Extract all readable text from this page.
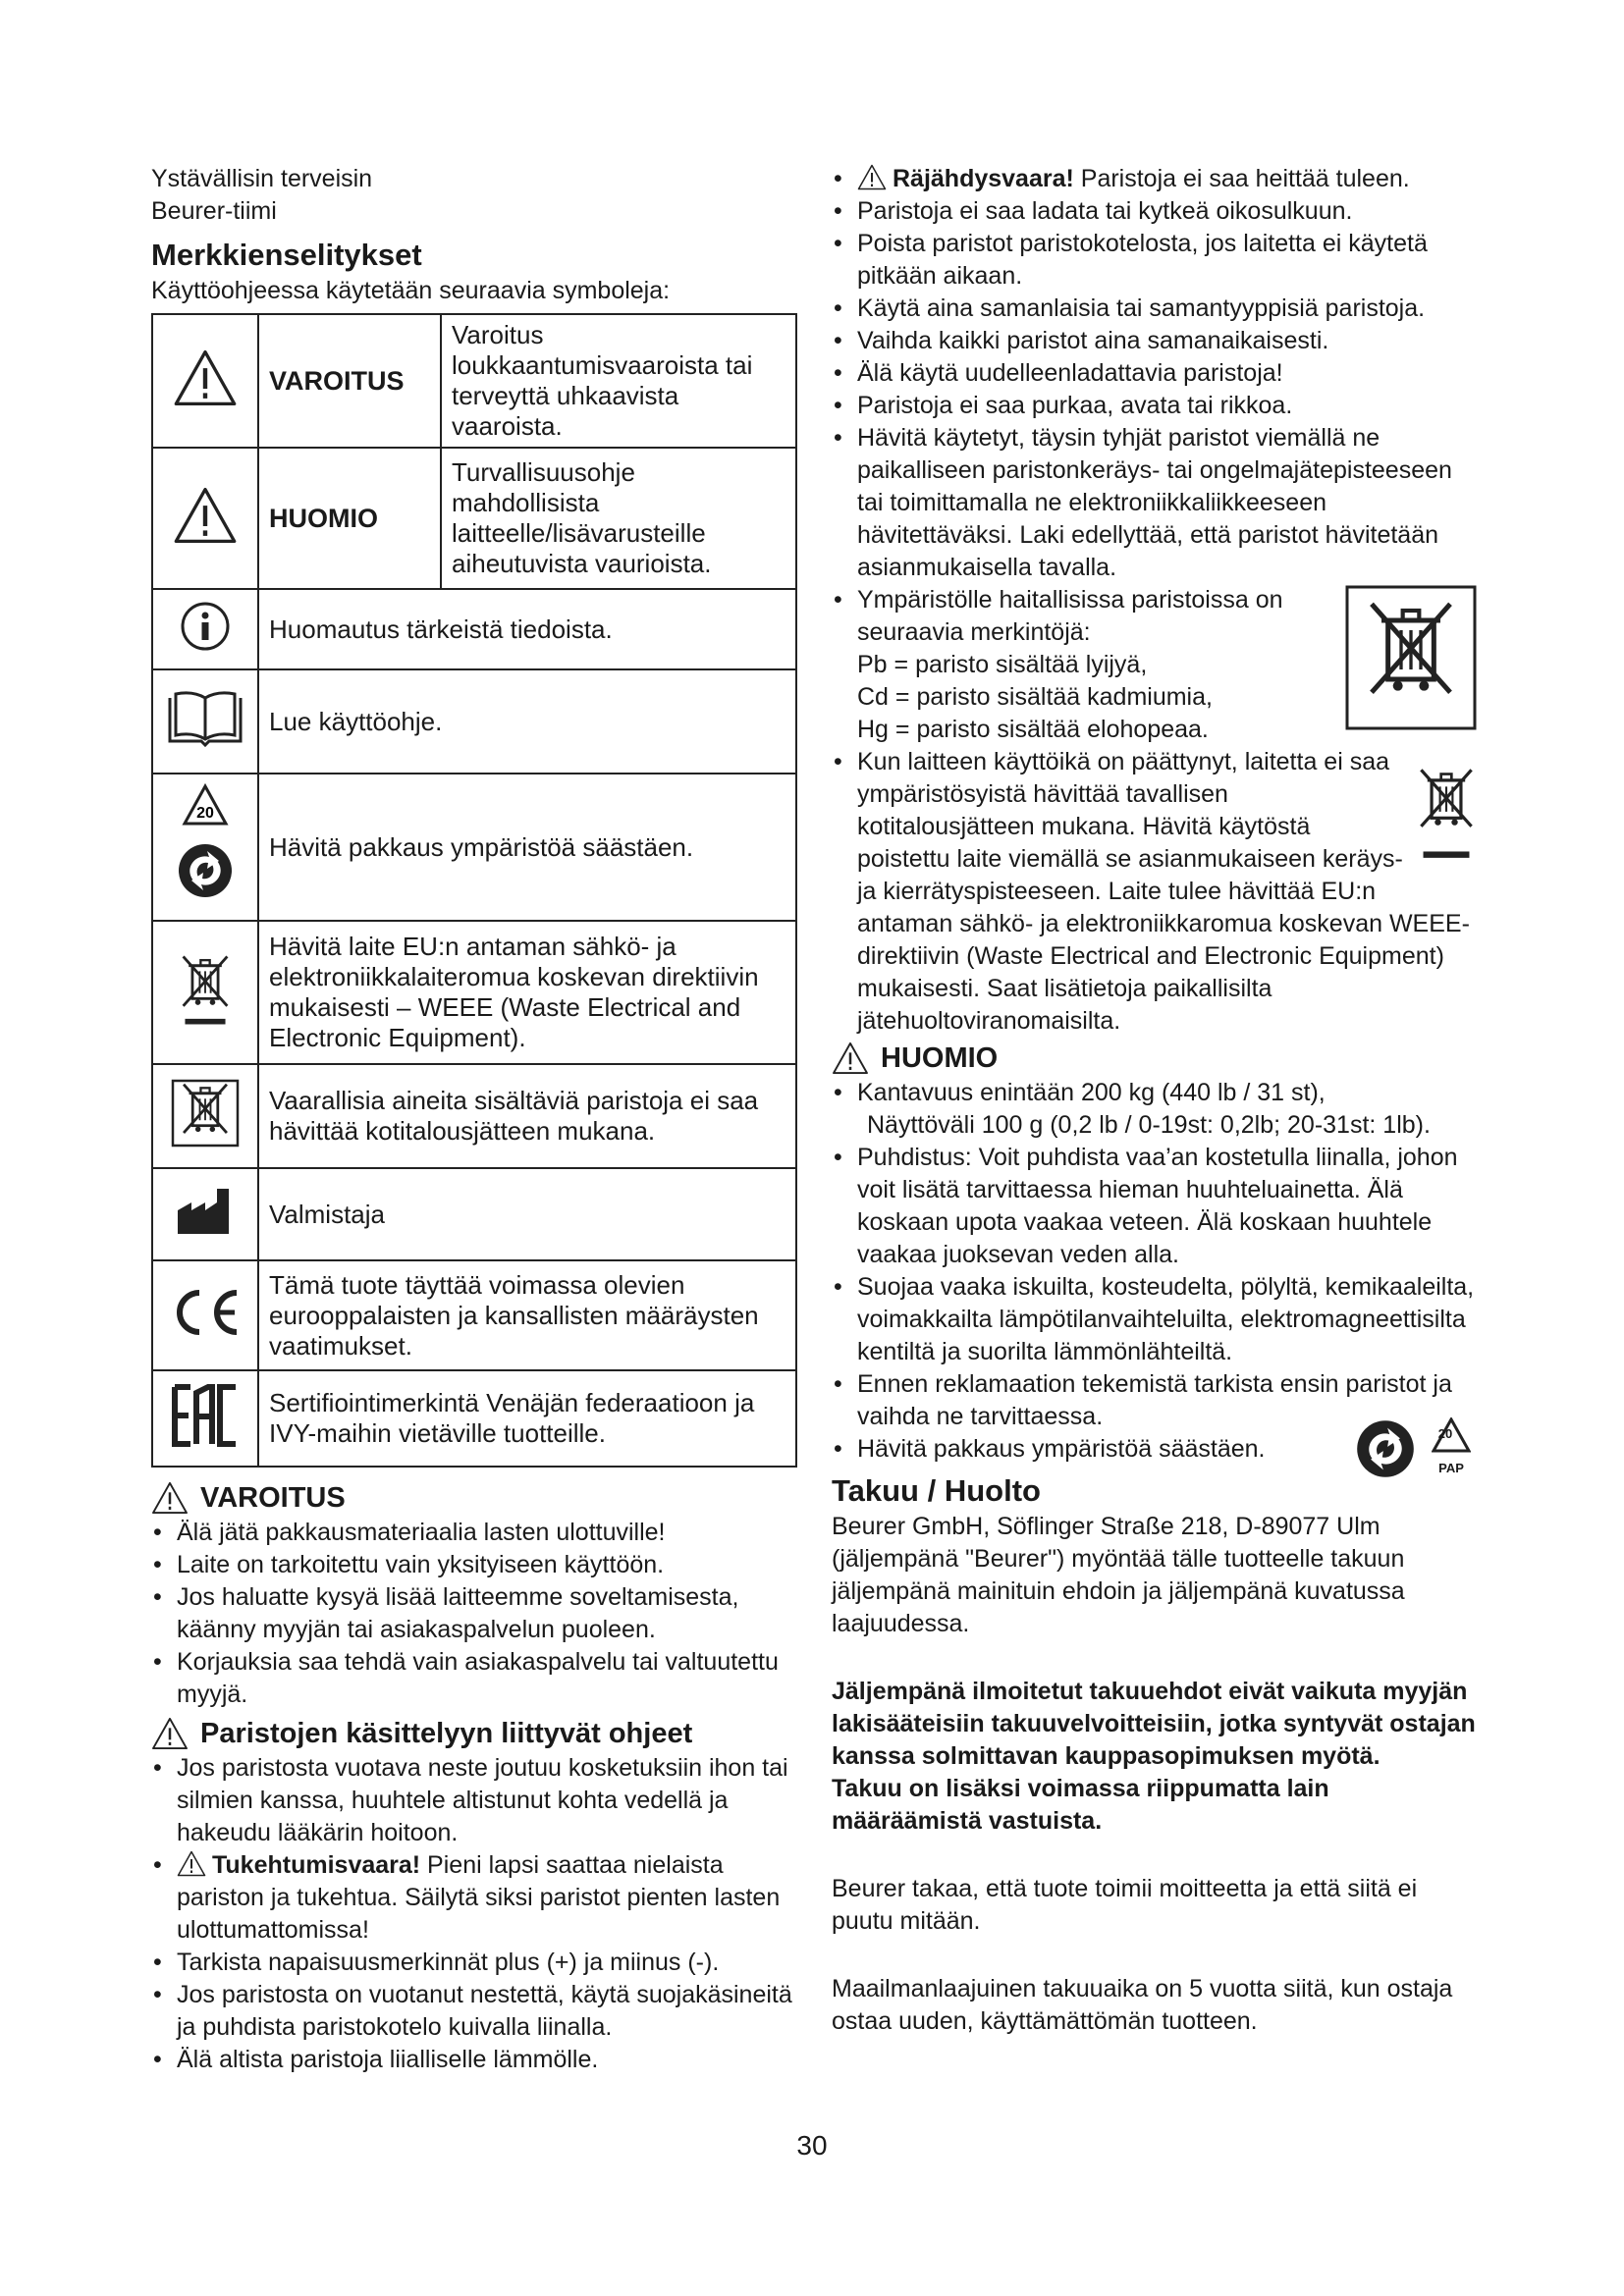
Ystävällisin terveisin

Beurer-tiimi

Merkkienselitykset

Käyttöohjeessa käytetään seuraavia symboleja:

	VAROITUS	Varoitus loukkaantumisvaaroista tai terveyttä uhkaavista vaaroista.
	HUOMIO	Turvallisuusohje mahdollisista laitteelle/lisävarusteille aiheutuvista vaurioista.
	Huomautus tärkeistä tiedoista.	
	Lue käyttöohje.	

20	Hävitä pakkaus ympäristöä säästäen.	
	Hävitä laite EU:n antaman sähkö- ja elektroniikkalaiteromua koskevan direktiivin mukaisesti – WEEE (Waste Electrical and Electronic Equipment).	
	Vaarallisia aineita sisältäviä paristoja ei saa hävittää kotitalousjätteen mukana.	
	Valmistaja	
	Tämä tuote täyttää voimassa olevien eurooppalaisten ja kansallisten määräysten vaatimukset.	
	Sertifiointimerkintä Venäjän federaatioon ja IVY-maihin vietäville tuotteille.	
VAROITUS
• Älä jätä pakkausmateriaalia lasten ulottuville!
• Laite on tarkoitettu vain yksityiseen käyttöön.
• Jos haluatte kysyä lisää laitteemme soveltamisesta, käänny myyjän tai asiakaspalvelun puoleen.
• Korjauksia saa tehdä vain asiakaspalvelu tai valtuutettu myyjä.
Paristojen käsittelyyn liittyvät ohjeet
• Jos paristosta vuotava neste joutuu kosketuksiin ihon tai silmien kanssa, huuhtele altistunut kohta vedellä ja hakeudu lääkärin hoitoon.
• Tukehtumisvaara! Pieni lapsi saattaa nielaista pariston ja tukehtua. Säilytä siksi paristot pienten lasten ulottumattomissa!
• Tarkista napaisuusmerkinnät plus (+) ja miinus (-).
• Jos paristosta on vuotanut nestettä, käytä suojakäsineitä ja puhdista paristokotelo kuivalla liinalla.
• Älä altista paristoja liialliselle lämmölle.
• Räjähdysvaara! Paristoja ei saa heittää tuleen.
• Paristoja ei saa ladata tai kytkeä oikosulkuun.
• Poista paristot paristokotelosta, jos laitetta ei käytetä pitkään aikaan.
• Käytä aina samanlaisia tai samantyyppisiä paristoja.
• Vaihda kaikki paristot aina samanaikaisesti.
• Älä käytä uudelleenladattavia paristoja!
• Paristoja ei saa purkaa, avata tai rikkoa.
• Hävitä käytetyt, täysin tyhjät paristot viemällä ne paikalliseen paristonkeräys- tai ongelmajätepisteeseen tai toimittamalla ne elektroniikkaliikkeeseen hävitettäväksi. Laki edellyttää, että paristot hävitetään asianmukaisella tavalla.

• Ympäristölle haitallisissa paristoissa on seuraavia merkintöjä:

Pb = paristo sisältää lyijyä,

Cd = paristo sisältää kadmiumia,

Hg = paristo sisältää elohopeaa.

• Kun laitteen käyttöikä on päättynyt, laitetta ei saa ympäristösyistä hävittää tavallisen kotitalousjätteen mukana. Hävitä käytöstä poistettu laite viemällä se asianmukaiseen keräys- ja kierrätyspisteeseen. Laite tulee hävittää EU:n antaman sähkö- ja elektroniikkaromua koskevan WEEE-direktiivin (Waste Electrical and Electronic Equipment) mukaisesti. Saat lisätietoja paikallisilta jätehuoltoviranomaisilta.
HUOMIO

• Kantavuus enintään 200 kg (440 lb / 31 st),

Näyttöväli 100 g (0,2 lb / 0-19st: 0,2lb; 20-31st: 1lb).

• Puhdistus: Voit puhdista vaa’an kostetulla liinalla, johon voit lisätä tarvittaessa hieman huuhteluainetta. Älä koskaan upota vaakaa veteen. Älä koskaan huuhtele vaakaa juoksevan veden alla.
• Suojaa vaaka iskuilta, kosteudelta, pölyltä, kemikaaleilta, voimakkailta lämpötilanvaihteluilta, elektromagneettisilta kentiltä ja suorilta lämmönlähteiltä.
• Ennen reklamaation tekemistä tarkista ensin paristot ja vaihda ne tarvittaessa.
• Hävitä pakkaus ympäristöä säästäen.
20
PAP
Takuu / Huolto

Beurer GmbH, Söflinger Straße 218, D-89077 Ulm (jäljempänä "Beurer") myöntää tälle tuotteelle takuun jäljempänä mainituin ehdoin ja jäljempänä kuvatussa laajuudessa.

Jäljempänä ilmoitetut takuuehdot eivät vaikuta myyjän lakisääteisiin takuuvelvoitteisiin, jotka syntyvät ostajan kanssa solmittavan kauppasopimuksen myötä.

Takuu on lisäksi voimassa riippumatta lain määräämistä vastuista.

Beurer takaa, että tuote toimii moitteetta ja että siitä ei puutu mitään.

Maailmanlaajuinen takuuaika on 5 vuotta siitä, kun ostaja ostaa uuden, käyttämättömän tuotteen.

30
